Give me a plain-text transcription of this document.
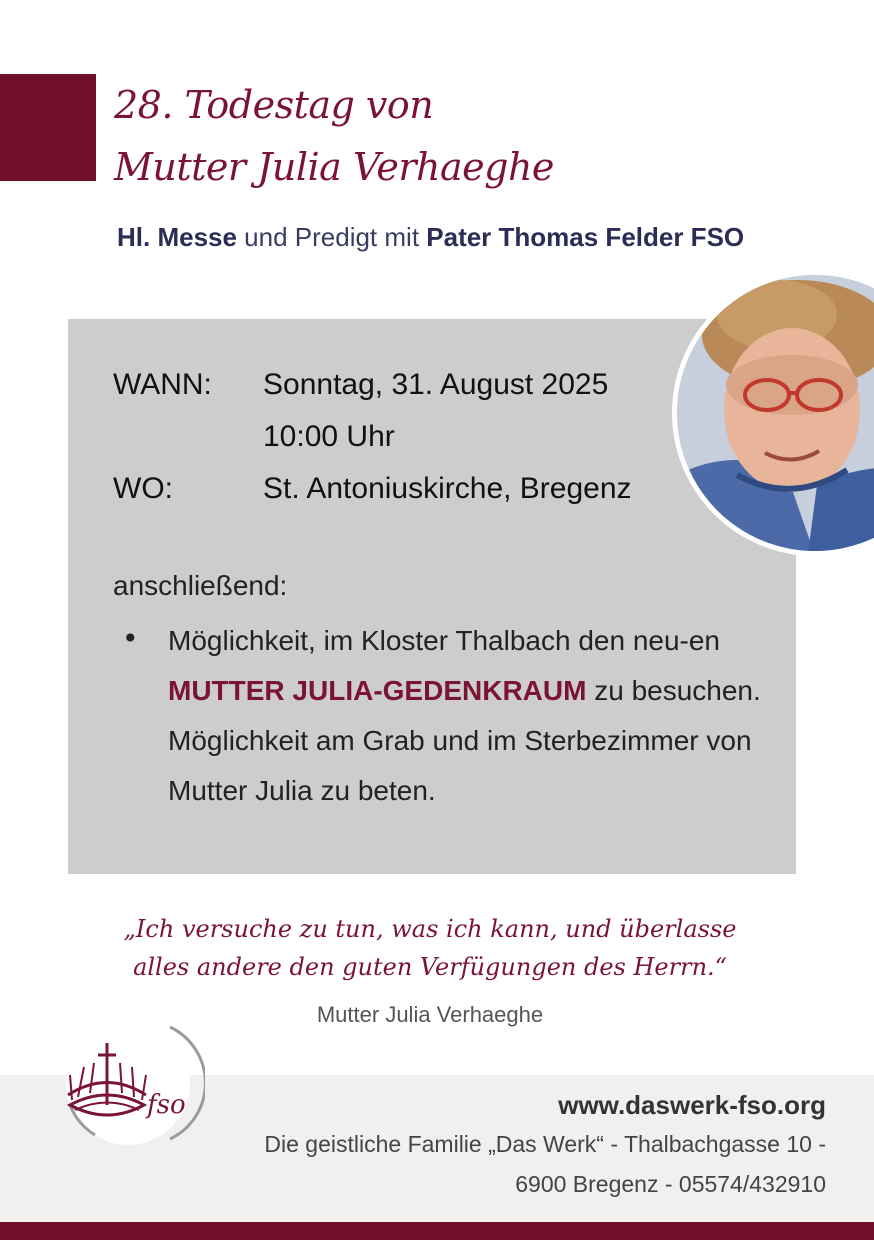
28. Todestag von
Mutter Julia Verhaeghe
Hl. Messe und Predigt mit Pater Thomas Felder FSO
WANN: Sonntag, 31. August 2025
10:00 Uhr
WO:	St. Antoniuskirche, Bregenz
anschließend:
• Möglichkeit, im Kloster Thalbach den neu-en MUTTER JULIA-GEDENKRAUM zu besuchen. Möglichkeit am Grab und im Sterbezimmer von Mutter Julia zu beten.
„Ich versuche zu tun, was ich kann, und überlasse
alles andere den guten Verfügungen des Herrn.“
Mutter Julia Verhaeghe
fso	www.daswerk-fso.org
Die geistliche Familie „Das Werk“ - Thalbachgasse 10 -
6900 Bregenz - 05574/432910
